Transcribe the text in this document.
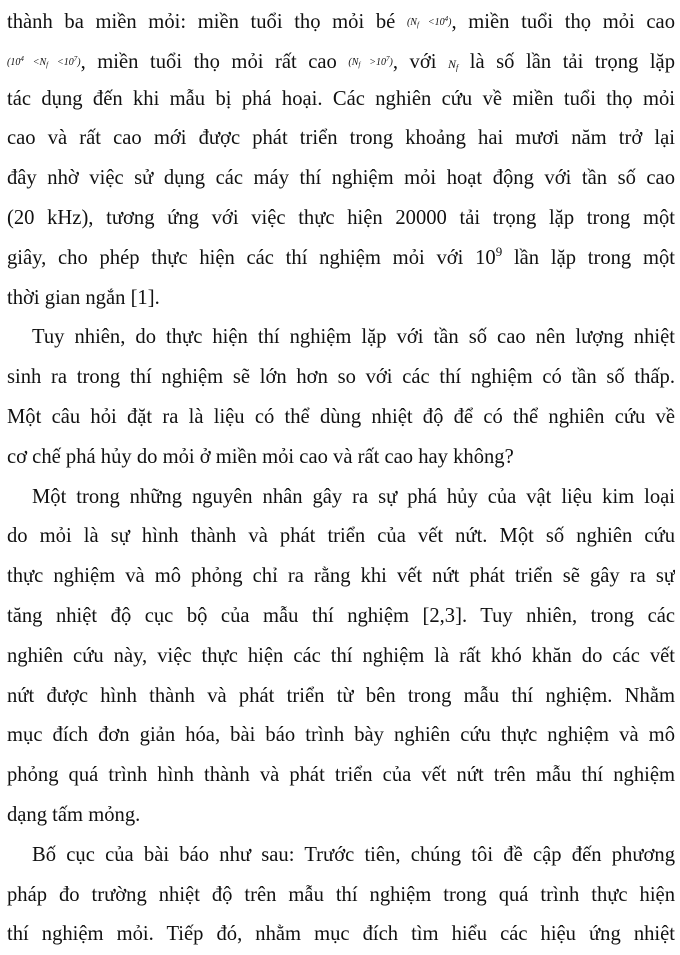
thành ba miền mỏi: miền tuổi thọ mỏi bé $(N_f <10^4)$, miền tuổi thọ mỏi cao
$(10^4 <N_f <10^7)$, miền tuổi thọ mỏi rất cao $(N_f >10^7)$, với $N_f$ là số lần tải trọng lặp
tác dụng đến khi mẫu bị phá hoại. Các nghiên cứu về miền tuổi thọ mỏi
cao và rất cao mới được phát triển trong khoảng hai mươi năm trở lại
đây nhờ việc sử dụng các máy thí nghiệm mỏi hoạt động với tần số cao
(20 kHz), tương ứng với việc thực hiện 20000 tải trọng lặp trong một
giây, cho phép thực hiện các thí nghiệm mỏi với $10^9$ lần lặp trong một
thời gian ngắn [1].
Tuy nhiên, do thực hiện thí nghiệm lặp với tần số cao nên lượng nhiệt
sinh ra trong thí nghiệm sẽ lớn hơn so với các thí nghiệm có tần số thấp.
Một câu hỏi đặt ra là liệu có thể dùng nhiệt độ để có thể nghiên cứu về
cơ chế phá hủy do mỏi ở miền mỏi cao và rất cao hay không?
Một trong những nguyên nhân gây ra sự phá hủy của vật liệu kim loại
do mỏi là sự hình thành và phát triển của vết nứt. Một số nghiên cứu
thực nghiệm và mô phỏng chỉ ra rằng khi vết nứt phát triển sẽ gây ra sự
tăng nhiệt độ cục bộ của mẫu thí nghiệm [2,3]. Tuy nhiên, trong các
nghiên cứu này, việc thực hiện các thí nghiệm là rất khó khăn do các vết
nứt được hình thành và phát triển từ bên trong mẫu thí nghiệm. Nhằm
mục đích đơn giản hóa, bài báo trình bày nghiên cứu thực nghiệm và mô
phỏng quá trình hình thành và phát triển của vết nứt trên mẫu thí nghiệm
dạng tấm mỏng.
Bố cục của bài báo như sau: Trước tiên, chúng tôi đề cập đến phương
pháp đo trường nhiệt độ trên mẫu thí nghiệm trong quá trình thực hiện
thí nghiệm mỏi. Tiếp đó, nhằm mục đích tìm hiểu các hiệu ứng nhiệt
